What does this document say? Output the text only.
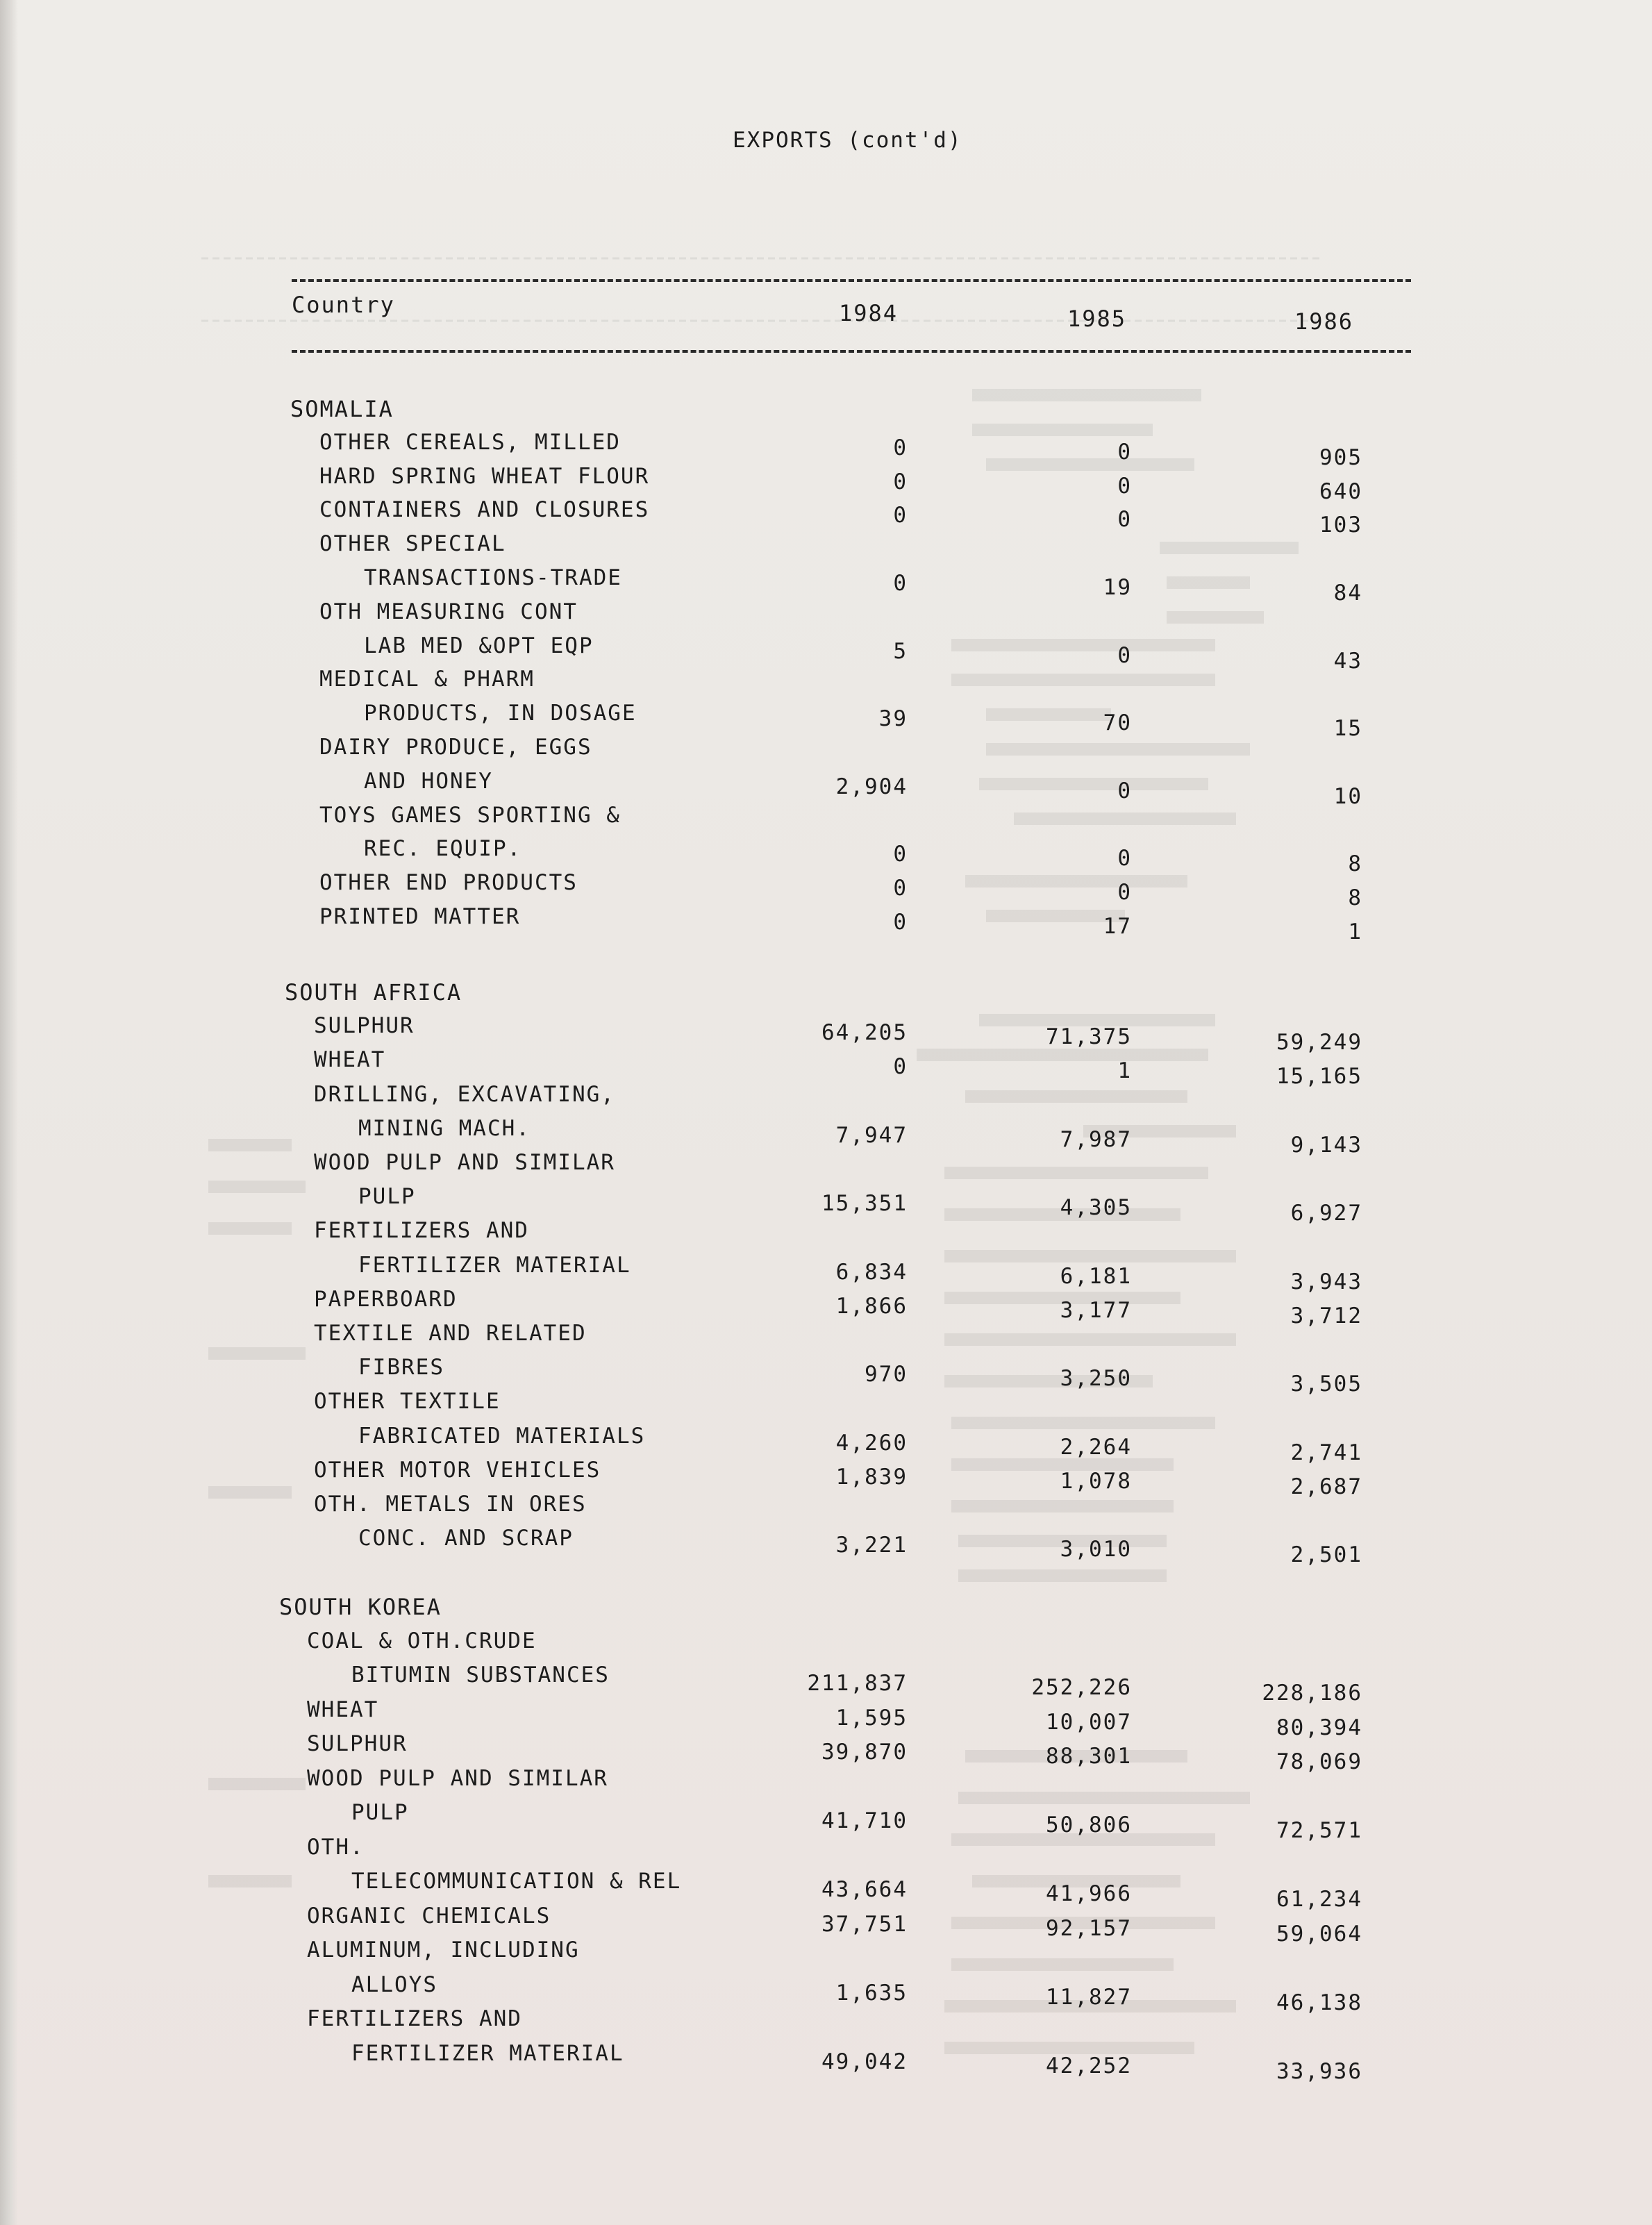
EXPORTS (cont'd)
Country	1984	1985	1986
SOMALIA
OTHER CEREALS, MILLED	0	0	905
HARD SPRING WHEAT FLOUR	0	0	640
CONTAINERS AND CLOSURES	0	0	103
OTHER SPECIAL
TRANSACTIONS-TRADE	0	19	84
OTH MEASURING CONT
LAB MED &OPT EQP	5	0	43
MEDICAL & PHARM
PRODUCTS, IN DOSAGE	39	70	15
DAIRY PRODUCE, EGGS
AND HONEY	2,904	0	10
TOYS GAMES SPORTING &
REC. EQUIP.	0	0	8
OTHER END PRODUCTS	0	0	8
PRINTED MATTER	0	17	1
SOUTH AFRICA
SULPHUR	64,205	71,375	59,249
WHEAT	0	1	15,165
DRILLING, EXCAVATING,
MINING MACH.	7,947	7,987	9,143
WOOD PULP AND SIMILAR
PULP	15,351	4,305	6,927
FERTILIZERS AND
FERTILIZER MATERIAL	6,834	6,181	3,943
PAPERBOARD	1,866	3,177	3,712
TEXTILE AND RELATED
FIBRES	970	3,250	3,505
OTHER TEXTILE
FABRICATED MATERIALS	4,260	2,264	2,741
OTHER MOTOR VEHICLES	1,839	1,078	2,687
OTH. METALS IN ORES
CONC. AND SCRAP	3,221	3,010	2,501
SOUTH KOREA
COAL & OTH.CRUDE
BITUMIN SUBSTANCES	211,837	252,226	228,186
WHEAT	1,595	10,007	80,394
SULPHUR	39,870	88,301	78,069
WOOD PULP AND SIMILAR
PULP	41,710	50,806	72,571
OTH.
TELECOMMUNICATION & REL	43,664	41,966	61,234
ORGANIC CHEMICALS	37,751	92,157	59,064
ALUMINUM, INCLUDING
ALLOYS	1,635	11,827	46,138
FERTILIZERS AND
FERTILIZER MATERIAL	49,042	42,252	33,936
